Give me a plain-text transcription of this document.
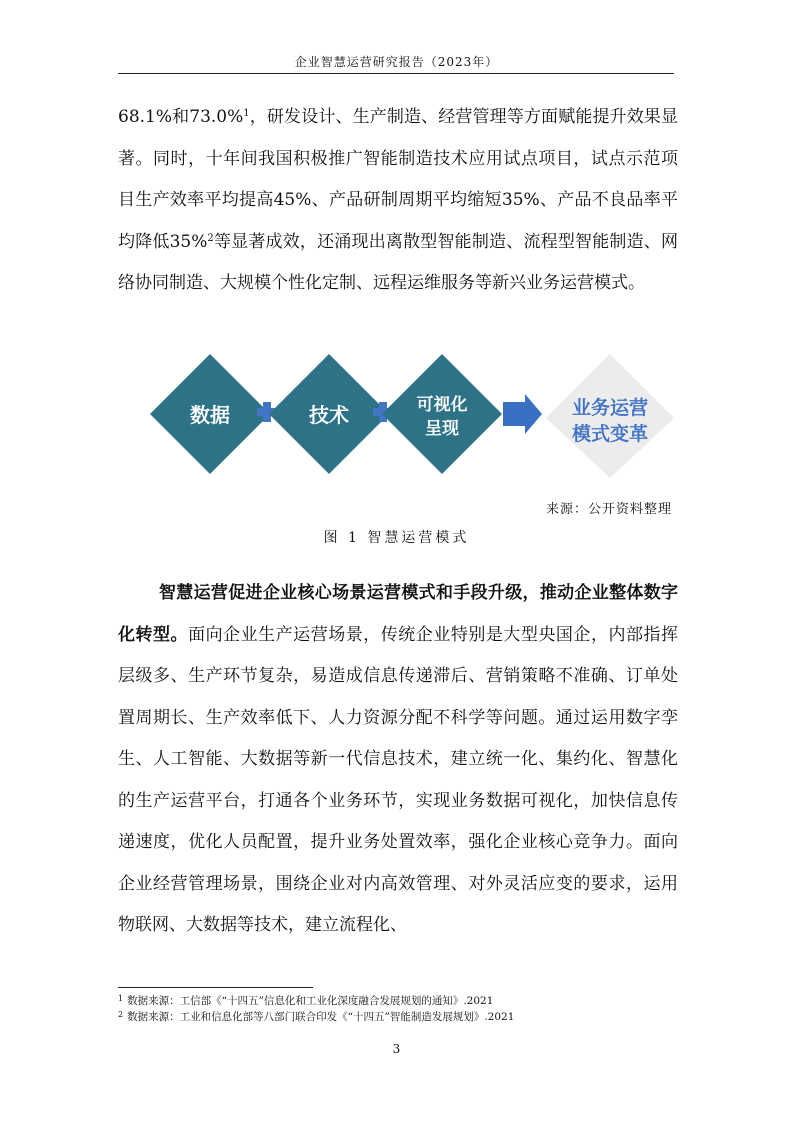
企业智慧运营研究报告（2023年）

68.1%和73.0%$^1$，研发设计、生产制造、经营管理等方面赋能提升效果显著。同时，十年间我国积极推广智能制造技术应用试点项目，试点示范项目生产效率平均提高45%、产品研制周期平均缩短35%、产品不良品率平均降低35%$^2$等显著成效，还涌现出离散型智能制造、流程型智能制造、网络协同制造、大规模个性化定制、远程运维服务等新兴业务运营模式。

数据	技术	可视化
呈现
业务运营
模式变革
来源：公开资料整理
图 1 智慧运营模式

智慧运营促进企业核心场景运营模式和手段升级，推动企业整体数字化转型。面向企业生产运营场景，传统企业特别是大型央国企，内部指挥层级多、生产环节复杂，易造成信息传递滞后、营销策略不准确、订单处置周期长、生产效率低下、人力资源分配不科学等问题。通过运用数字孪生、人工智能、大数据等新一代信息技术，建立统一化、集约化、智慧化的生产运营平台，打通各个业务环节，实现业务数据可视化，加快信息传递速度，优化人员配置，提升业务处置效率，强化企业核心竞争力。面向企业经营管理场景，围绕企业对内高效管理、对外灵活应变的要求，运用物联网、大数据等技术，建立流程化、

$^1$ 数据来源：工信部《“十四五”信息化和工业化深度融合发展规划的通知》.2021
$^2$ 数据来源：工业和信息化部等八部门联合印发《“十四五”智能制造发展规划》.2021
3
